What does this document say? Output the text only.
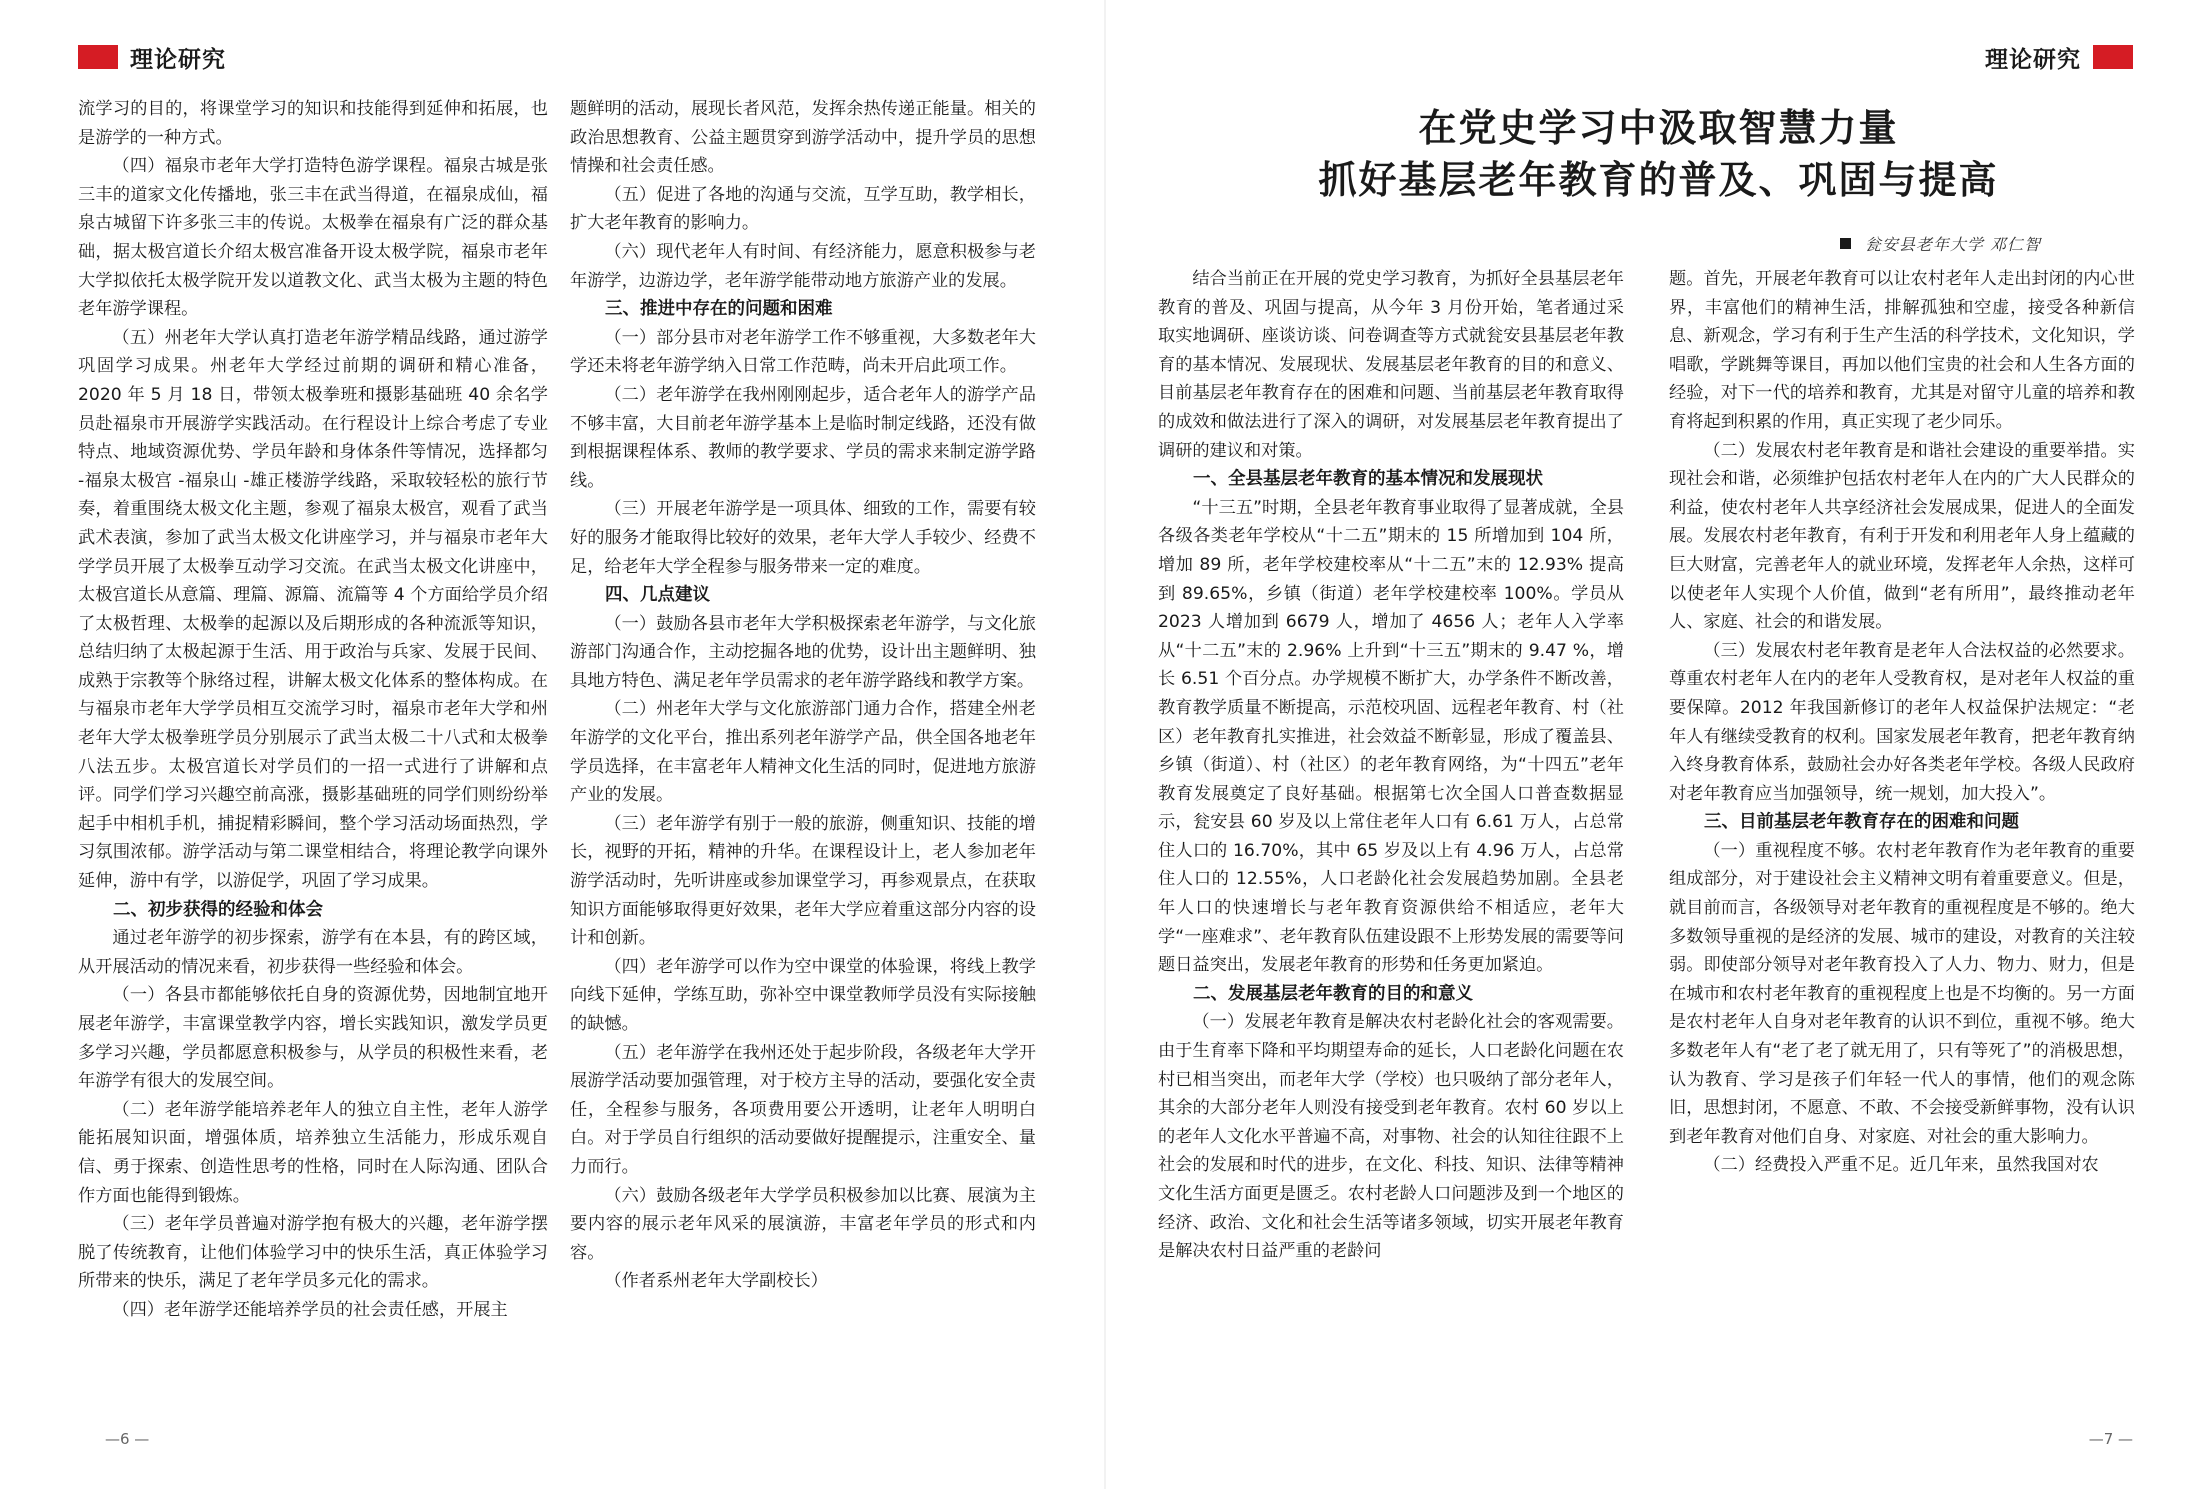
理论研究

流学习的目的，将课堂学习的知识和技能得到延伸和拓展，也是游学的一种方式。

（四）福泉市老年大学打造特色游学课程。福泉古城是张三丰的道家文化传播地，张三丰在武当得道，在福泉成仙，福泉古城留下许多张三丰的传说。太极拳在福泉有广泛的群众基础，据太极宫道长介绍太极宫准备开设太极学院，福泉市老年大学拟依托太极学院开发以道教文化、武当太极为主题的特色老年游学课程。

（五）州老年大学认真打造老年游学精品线路，通过游学巩固学习成果。州老年大学经过前期的调研和精心准备，2020 年 5 月 18 日，带领太极拳班和摄影基础班 40 余名学员赴福泉市开展游学实践活动。在行程设计上综合考虑了专业特点、地域资源优势、学员年龄和身体条件等情况，选择都匀 -福泉太极宫 -福泉山 -雄正楼游学线路，采取较轻松的旅行节奏，着重围绕太极文化主题，参观了福泉太极宫，观看了武当武术表演，参加了武当太极文化讲座学习，并与福泉市老年大学学员开展了太极拳互动学习交流。在武当太极文化讲座中，太极宫道长从意篇、理篇、源篇、流篇等 4 个方面给学员介绍了太极哲理、太极拳的起源以及后期形成的各种流派等知识，总结归纳了太极起源于生活、用于政治与兵家、发展于民间、成熟于宗教等个脉络过程，讲解太极文化体系的整体构成。在与福泉市老年大学学员相互交流学习时，福泉市老年大学和州老年大学太极拳班学员分别展示了武当太极二十八式和太极拳八法五步。太极宫道长对学员们的一招一式进行了讲解和点评。同学们学习兴趣空前高涨，摄影基础班的同学们则纷纷举起手中相机手机，捕捉精彩瞬间，整个学习活动场面热烈，学习氛围浓郁。游学活动与第二课堂相结合，将理论教学向课外延伸，游中有学，以游促学，巩固了学习成果。

二、初步获得的经验和体会

通过老年游学的初步探索，游学有在本县，有的跨区域，从开展活动的情况来看，初步获得一些经验和体会。

（一）各县市都能够依托自身的资源优势，因地制宜地开展老年游学，丰富课堂教学内容，增长实践知识，激发学员更多学习兴趣，学员都愿意积极参与，从学员的积极性来看，老年游学有很大的发展空间。

（二）老年游学能培养老年人的独立自主性，老年人游学能拓展知识面，增强体质，培养独立生活能力，形成乐观自信、勇于探索、创造性思考的性格，同时在人际沟通、团队合作方面也能得到锻炼。

（三）老年学员普遍对游学抱有极大的兴趣，老年游学摆脱了传统教育，让他们体验学习中的快乐生活，真正体验学习所带来的快乐，满足了老年学员多元化的需求。

（四）老年游学还能培养学员的社会责任感，开展主

题鲜明的活动，展现长者风范，发挥余热传递正能量。相关的政治思想教育、公益主题贯穿到游学活动中，提升学员的思想情操和社会责任感。

（五）促进了各地的沟通与交流，互学互助，教学相长，扩大老年教育的影响力。

（六）现代老年人有时间、有经济能力，愿意积极参与老年游学，边游边学，老年游学能带动地方旅游产业的发展。

三、推进中存在的问题和困难

（一）部分县市对老年游学工作不够重视，大多数老年大学还未将老年游学纳入日常工作范畴，尚未开启此项工作。

（二）老年游学在我州刚刚起步，适合老年人的游学产品不够丰富，大目前老年游学基本上是临时制定线路，还没有做到根据课程体系、教师的教学要求、学员的需求来制定游学路线。

（三）开展老年游学是一项具体、细致的工作，需要有较好的服务才能取得比较好的效果，老年大学人手较少、经费不足，给老年大学全程参与服务带来一定的难度。

四、几点建议

（一）鼓励各县市老年大学积极探索老年游学，与文化旅游部门沟通合作，主动挖掘各地的优势，设计出主题鲜明、独具地方特色、满足老年学员需求的老年游学路线和教学方案。

（二）州老年大学与文化旅游部门通力合作，搭建全州老年游学的文化平台，推出系列老年游学产品，供全国各地老年学员选择，在丰富老年人精神文化生活的同时，促进地方旅游产业的发展。

（三）老年游学有别于一般的旅游，侧重知识、技能的增长，视野的开拓，精神的升华。在课程设计上，老人参加老年游学活动时，先听讲座或参加课堂学习，再参观景点，在获取知识方面能够取得更好效果，老年大学应着重这部分内容的设计和创新。

（四）老年游学可以作为空中课堂的体验课，将线上教学向线下延伸，学练互助，弥补空中课堂教师学员没有实际接触的缺憾。

（五）老年游学在我州还处于起步阶段，各级老年大学开展游学活动要加强管理，对于校方主导的活动，要强化安全责任，全程参与服务，各项费用要公开透明，让老年人明明白白。对于学员自行组织的活动要做好提醒提示，注重安全、量力而行。

（六）鼓励各级老年大学学员积极参加以比赛、展演为主要内容的展示老年风采的展演游，丰富老年学员的形式和内容。

（作者系州老年大学副校长）

—6 —
理论研究
在党史学习中汲取智慧力量
抓好基层老年教育的普及、巩固与提高
瓮安县老年大学 邓仁智

结合当前正在开展的党史学习教育，为抓好全县基层老年教育的普及、巩固与提高，从今年 3 月份开始，笔者通过采取实地调研、座谈访谈、问卷调查等方式就瓮安县基层老年教育的基本情况、发展现状、发展基层老年教育的目的和意义、目前基层老年教育存在的困难和问题、当前基层老年教育取得的成效和做法进行了深入的调研，对发展基层老年教育提出了调研的建议和对策。

一、全县基层老年教育的基本情况和发展现状

“十三五”时期，全县老年教育事业取得了显著成就，全县各级各类老年学校从“十二五”期末的 15 所增加到 104 所，增加 89 所，老年学校建校率从“十二五”末的 12.93% 提高到 89.65%，乡镇（街道）老年学校建校率 100%。学员从 2023 人增加到 6679 人，增加了 4656 人；老年人入学率从“十二五”末的 2.96% 上升到“十三五”期末的 9.47 %，增长 6.51 个百分点。办学规模不断扩大，办学条件不断改善，教育教学质量不断提高，示范校巩固、远程老年教育、村（社区）老年教育扎实推进，社会效益不断彰显，形成了覆盖县、乡镇（街道）、村（社区）的老年教育网络，为“十四五”老年教育发展奠定了良好基础。根据第七次全国人口普查数据显示，瓮安县 60 岁及以上常住老年人口有 6.61 万人，占总常住人口的 16.70%，其中 65 岁及以上有 4.96 万人，占总常住人口的 12.55%，人口老龄化社会发展趋势加剧。全县老年人口的快速增长与老年教育资源供给不相适应，老年大学“一座难求”、老年教育队伍建设跟不上形势发展的需要等问题日益突出，发展老年教育的形势和任务更加紧迫。

二、发展基层老年教育的目的和意义

（一）发展老年教育是解决农村老龄化社会的客观需要。由于生育率下降和平均期望寿命的延长，人口老龄化问题在农村已相当突出，而老年大学（学校）也只吸纳了部分老年人，其余的大部分老年人则没有接受到老年教育。农村 60 岁以上的老年人文化水平普遍不高，对事物、社会的认知往往跟不上社会的发展和时代的进步，在文化、科技、知识、法律等精神文化生活方面更是匮乏。农村老龄人口问题涉及到一个地区的经济、政治、文化和社会生活等诸多领域，切实开展老年教育是解决农村日益严重的老龄问

题。首先，开展老年教育可以让农村老年人走出封闭的内心世界，丰富他们的精神生活，排解孤独和空虚，接受各种新信息、新观念，学习有利于生产生活的科学技术，文化知识，学唱歌，学跳舞等课目，再加以他们宝贵的社会和人生各方面的经验，对下一代的培养和教育，尤其是对留守儿童的培养和教育将起到积累的作用，真正实现了老少同乐。

（二）发展农村老年教育是和谐社会建设的重要举措。实现社会和谐，必须维护包括农村老年人在内的广大人民群众的利益，使农村老年人共享经济社会发展成果，促进人的全面发展。发展农村老年教育，有利于开发和利用老年人身上蕴藏的巨大财富，完善老年人的就业环境，发挥老年人余热，这样可以使老年人实现个人价值，做到“老有所用”，最终推动老年人、家庭、社会的和谐发展。

（三）发展农村老年教育是老年人合法权益的必然要求。尊重农村老年人在内的老年人受教育权，是对老年人权益的重要保障。2012 年我国新修订的老年人权益保护法规定：“老年人有继续受教育的权利。国家发展老年教育，把老年教育纳入终身教育体系，鼓励社会办好各类老年学校。各级人民政府对老年教育应当加强领导，统一规划，加大投入”。

三、目前基层老年教育存在的困难和问题

（一）重视程度不够。农村老年教育作为老年教育的重要组成部分，对于建设社会主义精神文明有着重要意义。但是，就目前而言，各级领导对老年教育的重视程度是不够的。绝大多数领导重视的是经济的发展、城市的建设，对教育的关注较弱。即使部分领导对老年教育投入了人力、物力、财力，但是在城市和农村老年教育的重视程度上也是不均衡的。另一方面是农村老年人自身对老年教育的认识不到位，重视不够。绝大多数老年人有“老了老了就无用了，只有等死了”的消极思想，认为教育、学习是孩子们年轻一代人的事情，他们的观念陈旧，思想封闭，不愿意、不敢、不会接受新鲜事物，没有认识到老年教育对他们自身、对家庭、对社会的重大影响力。

（二）经费投入严重不足。近几年来，虽然我国对农

—7 —
